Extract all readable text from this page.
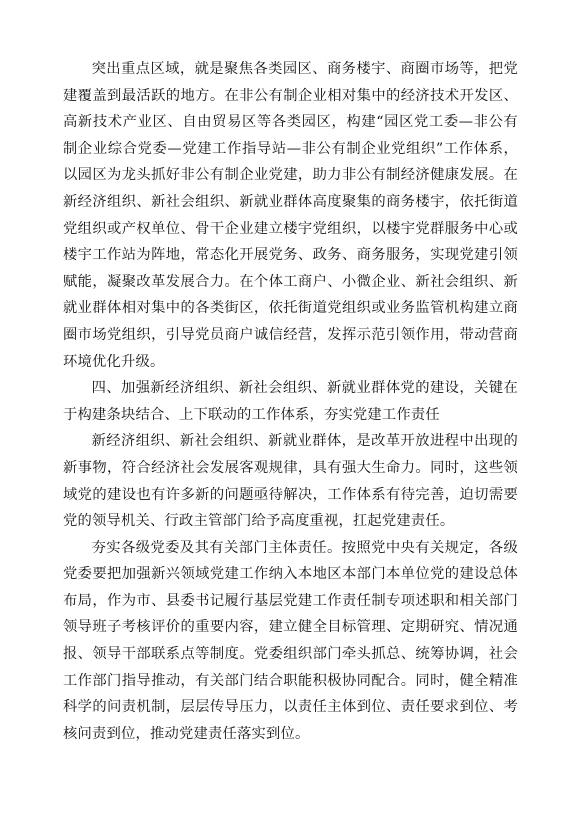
突出重点区域，就是聚焦各类园区、商务楼宇、商圈市场等，把党建覆盖到最活跃的地方。在非公有制企业相对集中的经济技术开发区、高新技术产业区、自由贸易区等各类园区，构建“园区党工委—非公有制企业综合党委—党建工作指导站—非公有制企业党组织”工作体系，以园区为龙头抓好非公有制企业党建，助力非公有制经济健康发展。在新经济组织、新社会组织、新就业群体高度聚集的商务楼宇，依托街道党组织或产权单位、骨干企业建立楼宇党组织，以楼宇党群服务中心或楼宇工作站为阵地，常态化开展党务、政务、商务服务，实现党建引领赋能，凝聚改革发展合力。在个体工商户、小微企业、新社会组织、新就业群体相对集中的各类街区，依托街道党组织或业务监管机构建立商圈市场党组织，引导党员商户诚信经营，发挥示范引领作用，带动营商环境优化升级。

四、加强新经济组织、新社会组织、新就业群体党的建设，关键在于构建条块结合、上下联动的工作体系，夯实党建工作责任

新经济组织、新社会组织、新就业群体，是改革开放进程中出现的新事物，符合经济社会发展客观规律，具有强大生命力。同时，这些领域党的建设也有许多新的问题亟待解决，工作体系有待完善，迫切需要党的领导机关、行政主管部门给予高度重视，扛起党建责任。

夯实各级党委及其有关部门主体责任。按照党中央有关规定，各级党委要把加强新兴领域党建工作纳入本地区本部门本单位党的建设总体布局，作为市、县委书记履行基层党建工作责任制专项述职和相关部门领导班子考核评价的重要内容，建立健全目标管理、定期研究、情况通报、领导干部联系点等制度。党委组织部门牵头抓总、统筹协调，社会工作部门指导推动，有关部门结合职能积极协同配合。同时，健全精准科学的问责机制，层层传导压力，以责任主体到位、责任要求到位、考核问责到位，推动党建责任落实到位。
